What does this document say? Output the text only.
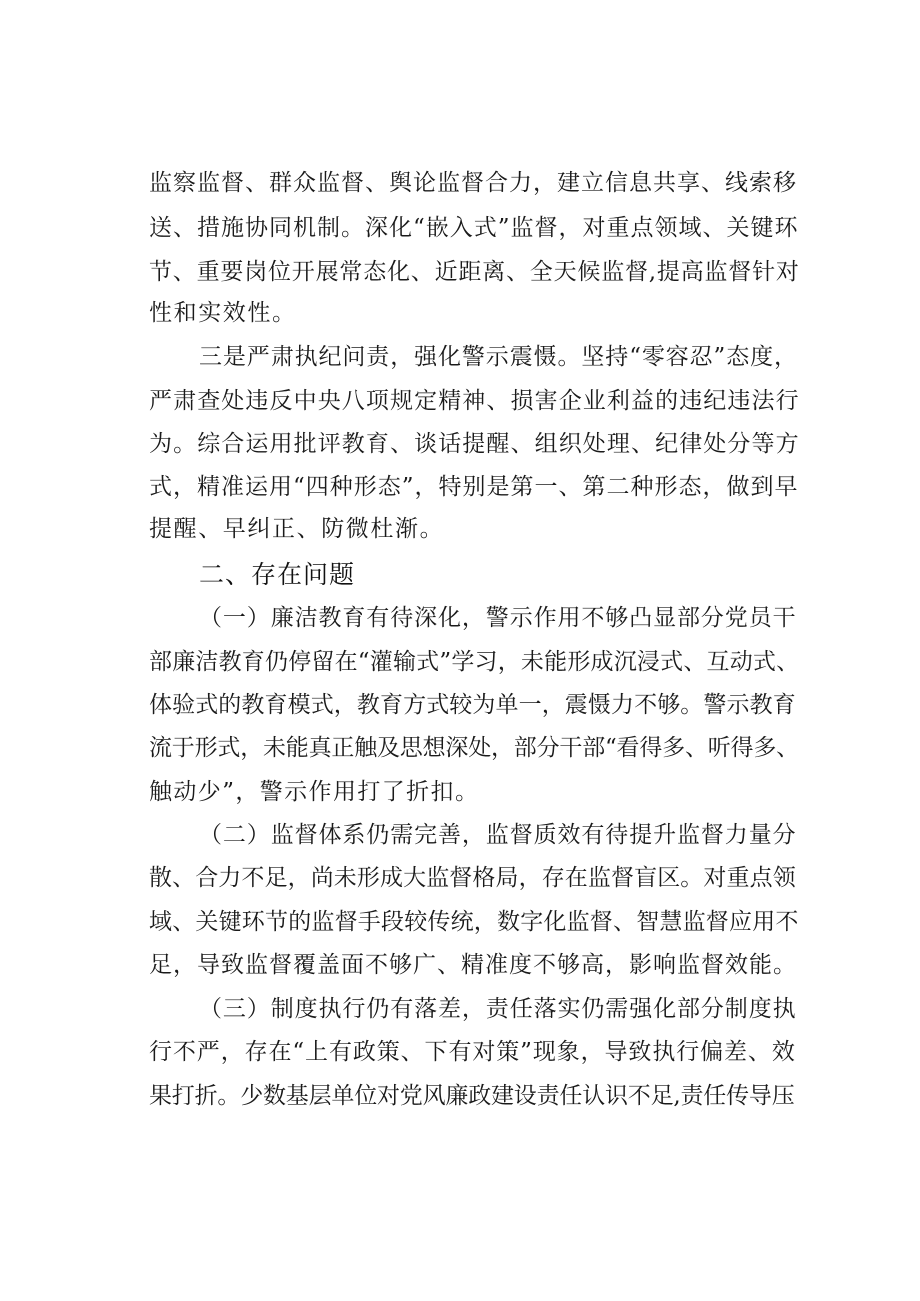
监察监督、群众监督、舆论监督合力，建立信息共享、线索移
送、措施协同机制。深化“嵌入式”监督，对重点领域、关键环
节、重要岗位开展常态化、近距离、全天候监督,提高监督针对
性和实效性。
三是严肃执纪问责，强化警示震慑。坚持“零容忍”态度，
严肃查处违反中央八项规定精神、损害企业利益的违纪违法行
为。综合运用批评教育、谈话提醒、组织处理、纪律处分等方
式，精准运用“四种形态”，特别是第一、第二种形态，做到早
提醒、早纠正、防微杜渐。
二、存在问题
（一）廉洁教育有待深化，警示作用不够凸显部分党员干
部廉洁教育仍停留在“灌输式”学习，未能形成沉浸式、互动式、
体验式的教育模式，教育方式较为单一，震慑力不够。警示教育
流于形式，未能真正触及思想深处，部分干部“看得多、听得多、
触动少”，警示作用打了折扣。
（二）监督体系仍需完善，监督质效有待提升监督力量分
散、合力不足，尚未形成大监督格局，存在监督盲区。对重点领
域、关键环节的监督手段较传统，数字化监督、智慧监督应用不
足，导致监督覆盖面不够广、精准度不够高，影响监督效能。
（三）制度执行仍有落差，责任落实仍需强化部分制度执
行不严，存在“上有政策、下有对策”现象，导致执行偏差、效
果打折。少数基层单位对党风廉政建设责任认识不足,责任传导压
